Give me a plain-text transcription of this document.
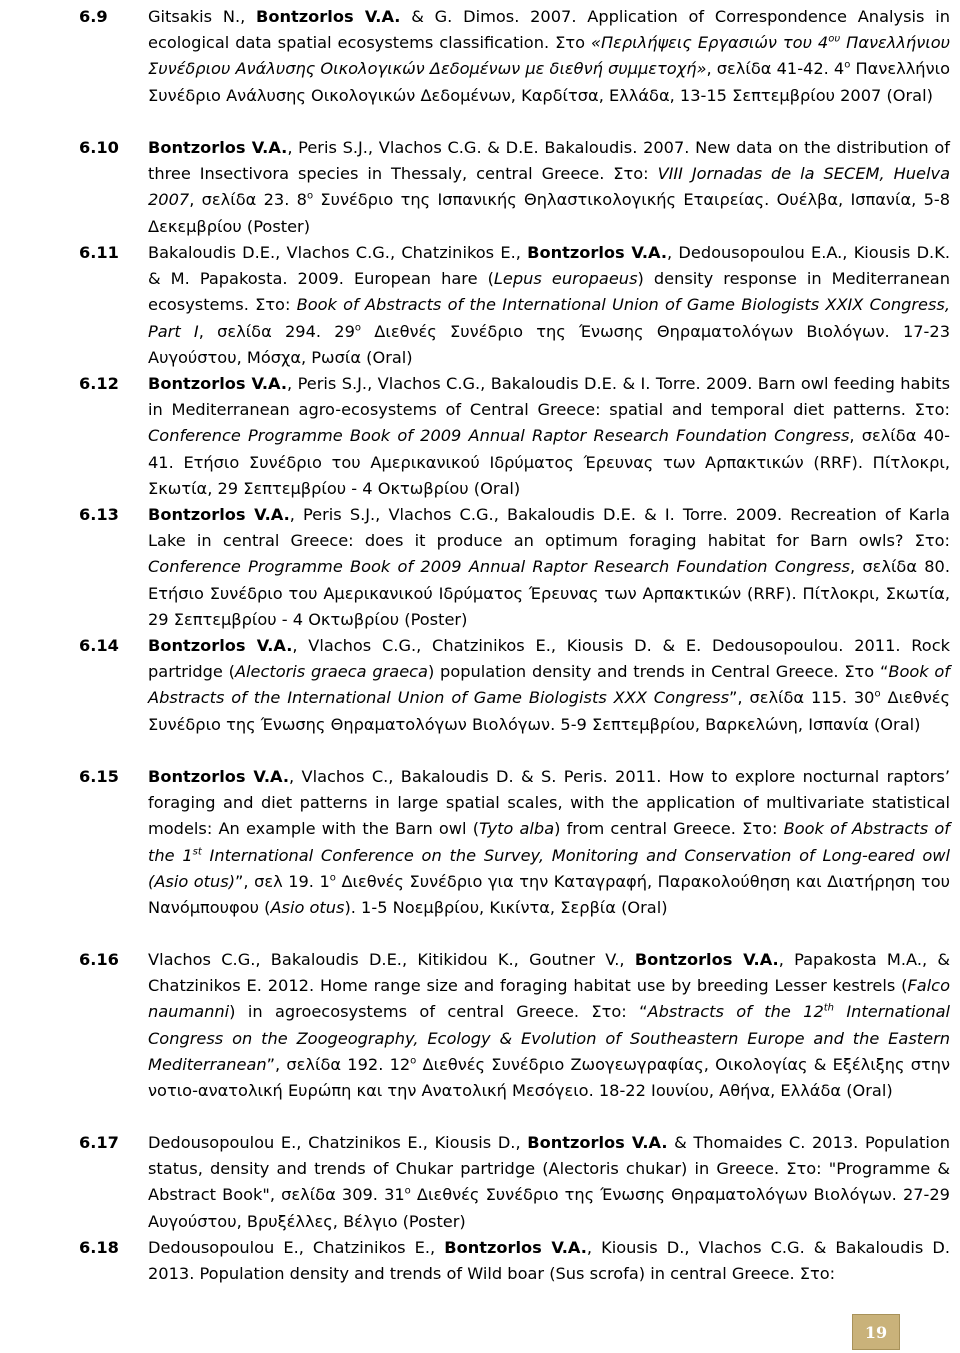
6.9	Gitsakis N., Bontzorlos V.A. & G. Dimos. 2007. Application of Correspondence Analysis in ecological data spatial ecosystems classification. Στο «Περιλήψεις Εργασιών του $4^{o\upsilon}$ Πανελλήνιου Συνέδριου Ανάλυσης Οικολογικών Δεδομένων με διεθνή συμμετοχή», σελίδα 41-42. $4^o$ Πανελλήνιο Συνέδριο Ανάλυσης Οικολογικών Δεδομένων, Καρδίτσα, Ελλάδα, 13-15 Σεπτεμβρίου 2007 (Oral)
6.10	Bontzorlos V.A., Peris S.J., Vlachos C.G. & D.E. Bakaloudis. 2007. New data on the distribution of three Insectivora species in Thessaly, central Greece. Στο: VIII Jornadas de la SECEM, Huelva 2007, σελίδα 23. $8^o$ Συνέδριο της Ισπανικής Θηλαστικολογικής Εταιρείας. Ουέλβα, Ισπανία, 5-8 Δεκεμβρίου (Poster)
6.11	Bakaloudis D.E., Vlachos C.G., Chatzinikos E., Bontzorlos V.A., Dedousopoulou E.A., Kiousis D.K. & M. Papakosta. 2009. European hare (Lepus europaeus) density response in Mediterranean ecosystems. Στο: Book of Abstracts of the International Union of Game Biologists XXIX Congress, Part I, σελίδα 294. $29^o$ Διεθνές Συνέδριο της Ένωσης Θηραματολόγων Βιολόγων. 17-23 Αυγούστου, Μόσχα, Ρωσία (Oral)
6.12	Bontzorlos V.A., Peris S.J., Vlachos C.G., Bakaloudis D.E. & I. Torre. 2009. Barn owl feeding habits in Mediterranean agro-ecosystems of Central Greece: spatial and temporal diet patterns. Στο: Conference Programme Book of 2009 Annual Raptor Research Foundation Congress, σελίδα 40-41. Ετήσιο Συνέδριο του Αμερικανικού Ιδρύματος Έρευνας των Αρπακτικών (RRF). Πίτλοκρι, Σκωτία, 29 Σεπτεμβρίου - 4 Οκτωβρίου (Oral)
6.13	Bontzorlos V.A., Peris S.J., Vlachos C.G., Bakaloudis D.E. & I. Torre. 2009. Recreation of Karla Lake in central Greece: does it produce an optimum foraging habitat for Barn owls? Στο: Conference Programme Book of 2009 Annual Raptor Research Foundation Congress, σελίδα 80. Ετήσιο Συνέδριο του Αμερικανικού Ιδρύματος Έρευνας των Αρπακτικών (RRF). Πίτλοκρι, Σκωτία, 29 Σεπτεμβρίου - 4 Οκτωβρίου (Poster)
6.14	Bontzorlos V.A., Vlachos C.G., Chatzinikos E., Kiousis D. & E. Dedousopoulou. 2011. Rock partridge (Alectoris graeca graeca) population density and trends in Central Greece. Στο “Book of Abstracts of the International Union of Game Biologists XXX Congress”, σελίδα 115. $30^o$ Διεθνές Συνέδριο της Ένωσης Θηραματολόγων Βιολόγων. 5-9 Σεπτεμβρίου, Βαρκελώνη, Ισπανία (Oral)
6.15	Bontzorlos V.A., Vlachos C., Bakaloudis D. & S. Peris. 2011. How to explore nocturnal raptors’ foraging and diet patterns in large spatial scales, with the application of multivariate statistical models: An example with the Barn owl (Tyto alba) from central Greece. Στο: Book of Abstracts of the 1st International Conference on the Survey, Monitoring and Conservation of Long-eared owl (Asio otus)”, σελ 19. $1^o$ Διεθνές Συνέδριο για την Καταγραφή, Παρακολούθηση και Διατήρηση του Νανόμπουφου (Asio otus). 1-5 Νοεμβρίου, Κικίντα, Σερβία (Oral)
6.16	Vlachos C.G., Bakaloudis D.E., Kitikidou K., Goutner V., Bontzorlos V.A., Papakosta M.A., & Chatzinikos E. 2012. Home range size and foraging habitat use by breeding Lesser kestrels (Falco naumanni) in agroecosystems of central Greece. Στο: “Abstracts of the 12th International Congress on the Zoogeography, Ecology & Evolution of Southeastern Europe and the Eastern Mediterranean”, σελίδα 192. $12^o$ Διεθνές Συνέδριο Ζωογεωγραφίας, Οικολογίας & Εξέλιξης στην νοτιο-ανατολική Ευρώπη και την Ανατολική Μεσόγειο. 18-22 Ιουνίου, Αθήνα, Ελλάδα (Oral)
6.17	Dedousopoulou E., Chatzinikos E., Kiousis D., Bontzorlos V.A. & Thomaides C. 2013. Population status, density and trends of Chukar partridge (Alectoris chukar) in Greece. Στο: "Programme & Abstract Book", σελίδα 309. $31^o$ Διεθνές Συνέδριο της Ένωσης Θηραματολόγων Βιολόγων. 27-29 Αυγούστου, Βρυξέλλες, Βέλγιο (Poster)
6.18	Dedousopoulou E., Chatzinikos E., Bontzorlos V.A., Kiousis D., Vlachos C.G. & Bakaloudis D. 2013. Population density and trends of Wild boar (Sus scrofa) in central Greece. Στο:
19
